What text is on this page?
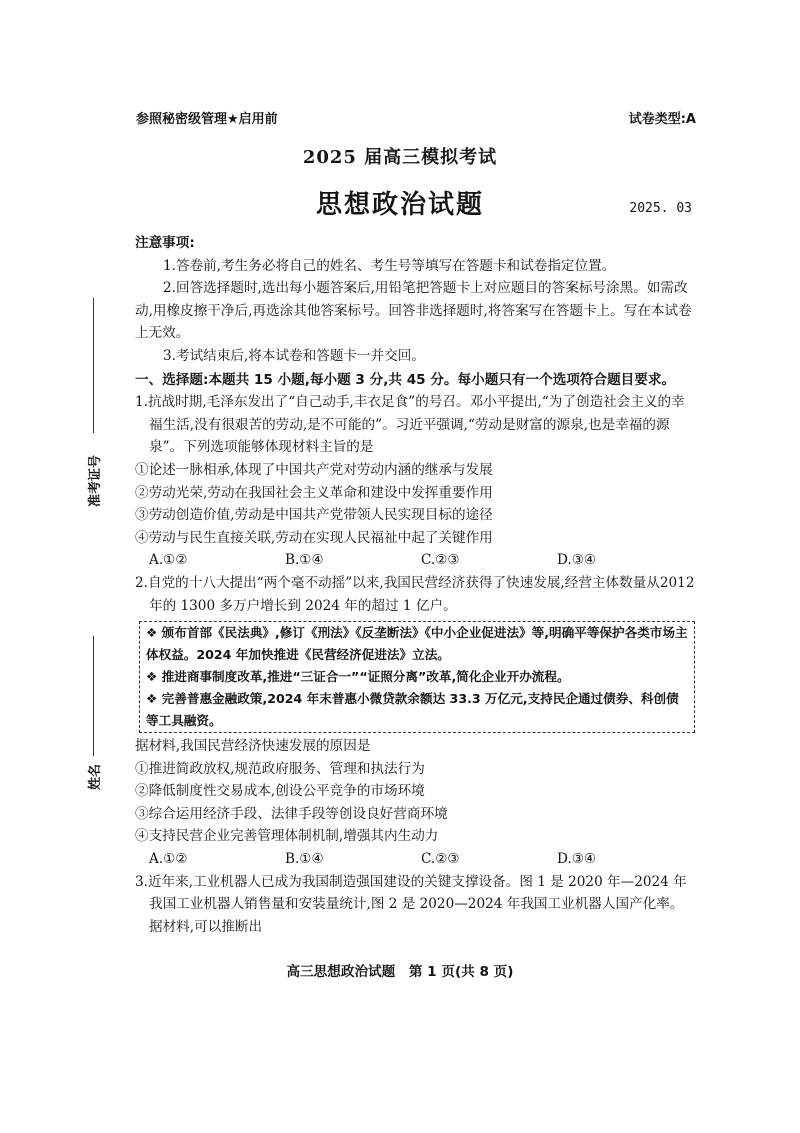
参照秘密级管理★启用前	试卷类型:A
2025 届高三模拟考试
思想政治试题	2025. 03
准考证号
姓名

注意事项:

1.答卷前,考生务必将自己的姓名、考生号等填写在答题卡和试卷指定位置。

2.回答选择题时,选出每小题答案后,用铅笔把答题卡上对应题目的答案标号涂黑。如需改动,用橡皮擦干净后,再选涂其他答案标号。回答非选择题时,将答案写在答题卡上。写在本试卷上无效。

3.考试结束后,将本试卷和答题卡一并交回。

一、选择题:本题共 15 小题,每小题 3 分,共 45 分。每小题只有一个选项符合题目要求。

1.抗战时期,毛泽东发出了“自己动手,丰衣足食”的号召。邓小平提出,“为了创造社会主义的幸福生活,没有很艰苦的劳动,是不可能的”。习近平强调,“劳动是财富的源泉,也是幸福的源泉”。下列选项能够体现材料主旨的是

①论述一脉相承,体现了中国共产党对劳动内涵的继承与发展

②劳动光荣,劳动在我国社会主义革命和建设中发挥重要作用

③劳动创造价值,劳动是中国共产党带领人民实现目标的途径

④劳动与民生直接关联,劳动在实现人民福祉中起了关键作用

A.①②	B.①④	C.②③	D.③④

2.自党的十八大提出“两个毫不动摇”以来,我国民营经济获得了快速发展,经营主体数量从2012 年的 1300 多万户增长到 2024 年的超过 1 亿户。

❖ 颁布首部《民法典》,修订《刑法》《反垄断法》《中小企业促进法》等,明确平等保护各类市场主体权益。2024 年加快推进《民营经济促进法》立法。

❖ 推进商事制度改革,推进“三证合一”“证照分离”改革,简化企业开办流程。

❖ 完善普惠金融政策,2024 年末普惠小微贷款余额达 33.3 万亿元,支持民企通过债券、科创债等工具融资。

据材料,我国民营经济快速发展的原因是

①推进简政放权,规范政府服务、管理和执法行为

②降低制度性交易成本,创设公平竞争的市场环境

③综合运用经济手段、法律手段等创设良好营商环境

④支持民营企业完善管理体制机制,增强其内生动力

A.①②	B.①④	C.②③	D.③④

3.近年来,工业机器人已成为我国制造强国建设的关键支撑设备。图 1 是 2020 年—2024 年我国工业机器人销售量和安装量统计,图 2 是 2020—2024 年我国工业机器人国产化率。据材料,可以推断出

高三思想政治试题　第 1 页(共 8 页)
